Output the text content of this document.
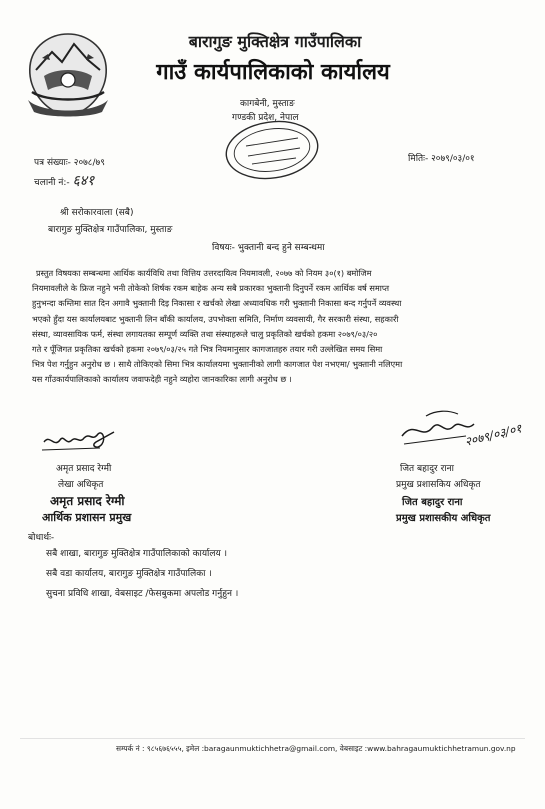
बारागुङ मुक्तिक्षेत्र गाउँपालिका
गाउँ कार्यपालिकाको कार्यालय
कागबेनी, मुस्ताङ
गण्डकी प्रदेश, नेपाल
पत्र संख्याः- २०७८/७९
चलानी नं:- ६४१
मितिः- २०७९/०३/०१
श्री सरोकारवाला (सबै)
बारागुङ मुक्तिक्षेत्र गाउँपालिका, मुस्ताङ
विषयः- भुक्तानी बन्द हुने सम्बन्धमा
प्रस्तुत विषयका सम्बन्धमा आर्थिक कार्यविधि तथा वित्तिय उत्तरदायित्व नियमावली, २०७७ को नियम ३०(१) बमोजिम
नियमावलीले के फ्रिज नहुने भनी तोकेको शिर्षक रकम बाहेक अन्य सबै प्रकारका भुक्तानी दिनुपर्ने रकम आर्थिक वर्ष समाप्त
हुनुभन्दा कम्तिमा सात दिन अगावै भुक्तानी दिइ निकासा र खर्चको लेखा अध्यावधिक गरी भुक्तानी निकासा बन्द गर्नुपर्ने व्यवस्था
भएको हुँदा यस कार्यालयबाट भुक्तानी लिन बाँकी कार्यालय, उपभोक्ता समिति, निर्माण व्यवसायी, गैर सरकारी संस्था, सहकारी
संस्था, व्यावसायिक फर्म, संस्था लगायतका सम्पूर्ण व्यक्ति तथा संस्थाहरूले चालु प्रकृतिको खर्चको हकमा २०७९/०३/२०
गते र पूँजिगत प्रकृतिका खर्चको हकमा २०७९/०३/२५ गते भित्र नियमानुसार कागजातहरु तयार गरी उल्लेखित समय सिमा
भित्र पेश गर्नुहुन अनुरोध छ । साथै तोकिएको सिमा भित्र कार्यालयमा भुक्तानीको लागी कागजात पेश नभएमा/ भुक्तानी नलिएमा
यस गाँउकार्यपालिकाको कार्यालय जवाफदेही नहुने व्यहोरा जानकारिका लागी अनुरोध छ ।
२०७९/०३/०१
अमृत प्रसाद रेग्मी
लेखा अधिकृत
जित बहादुर राना
प्रमुख प्रशासकिय अधिकृत
अमृत प्रसाद रेग्मी
आर्थिक प्रशासन प्रमुख
जित बहादुर राना
प्रमुख प्रशासकीय अधिकृत
बोधार्थः-
सबै शाखा, बारागुङ मुक्तिक्षेत्र गाउँपालिकाको कार्यालय ।
सबै वडा कार्यालय, बारागुङ मुक्तिक्षेत्र गाउँपालिका ।
सुचना प्रविधि शाखा, वेबसाइट /फेसबुकमा अपलोड गर्नुहुन ।
सम्पर्क नं : ९८५६७६५५५, इमेल :baragaunmuktichhetra@gmail.com, वेबसाइट :www.bahragaumuktichhetramun.gov.np
